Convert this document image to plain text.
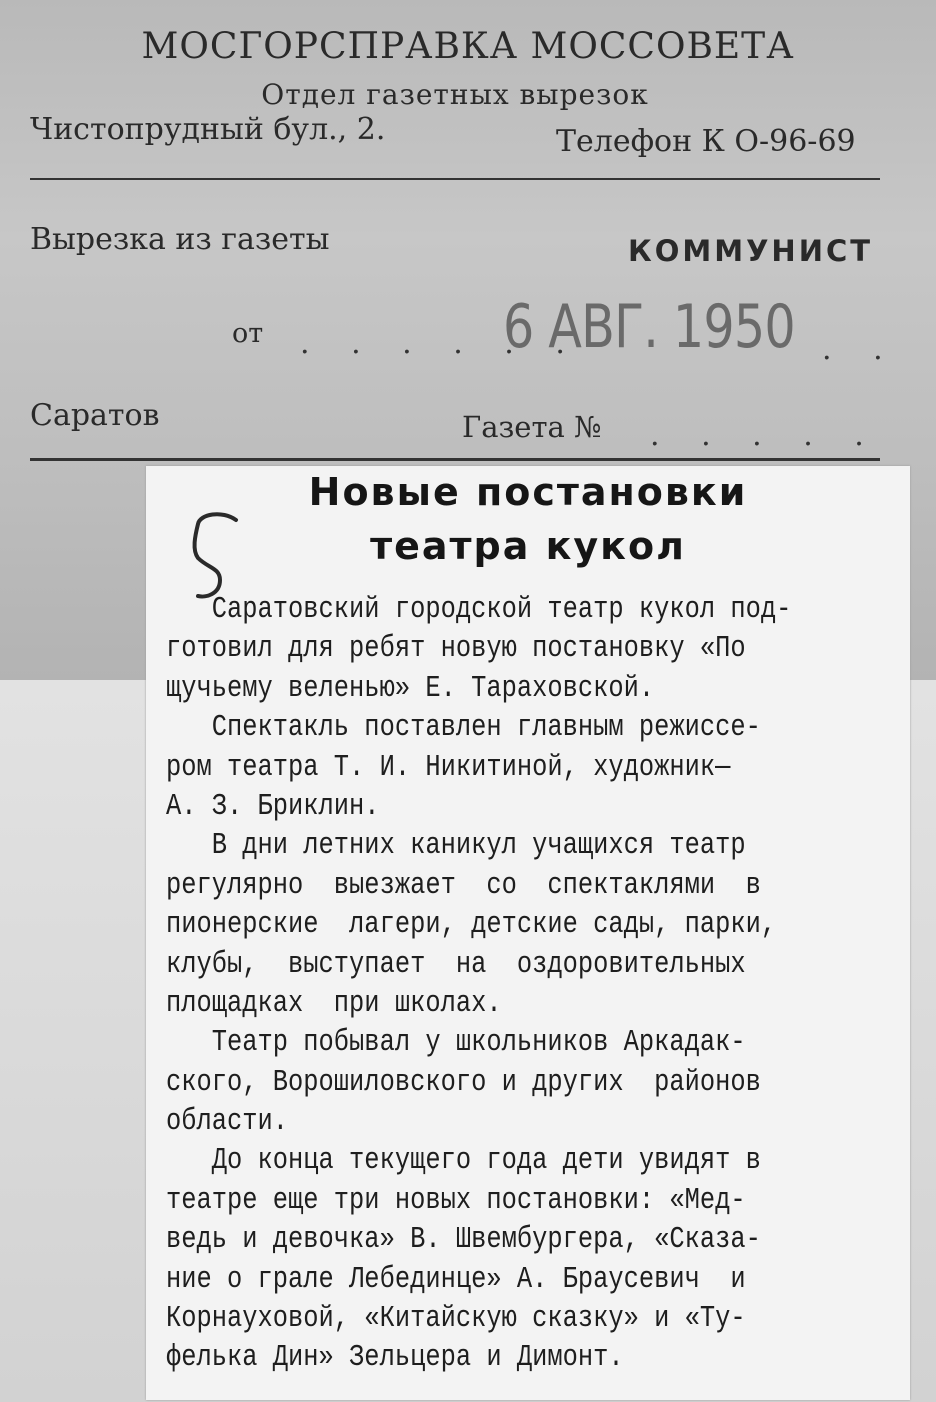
МОСГОРСПРАВКА МОССОВЕТА
Отдел газетных вырезок
Чистопрудный бул., 2.	Телефон К О-96-69
Вырезка из газеты	КОММУНИСТ
от . . . . . .
6 АВГ. 1950 . .
Саратов	Газета № . . . . .
Новые постановки
театра кукол
Саратовский городской театр кукол под-
готовил для ребят новую постановку «По
щучьему веленью» Е. Тараховской.
Спектакль поставлен главным режиссе-
ром театра Т. И. Никитиной, художник—
А. З. Бриклин.
В дни летних каникул учащихся театр
регулярно  выезжает  со  спектаклями  в
пионерские  лагери, детские сады, парки,
клубы,  выступает  на  оздоровительных
площадках  при школах.
Театр побывал у школьников Аркадак-
ского, Ворошиловского и других  районов
области.
До конца текущего года дети увидят в
театре еще три новых постановки: «Мед-
ведь и девочка» В. Швембургера, «Сказа-
ние о грале Лебединце» А. Браусевич  и
Корнауховой, «Китайскую сказку» и «Ту-
фелька Дин» Зельцера и Димонт.
